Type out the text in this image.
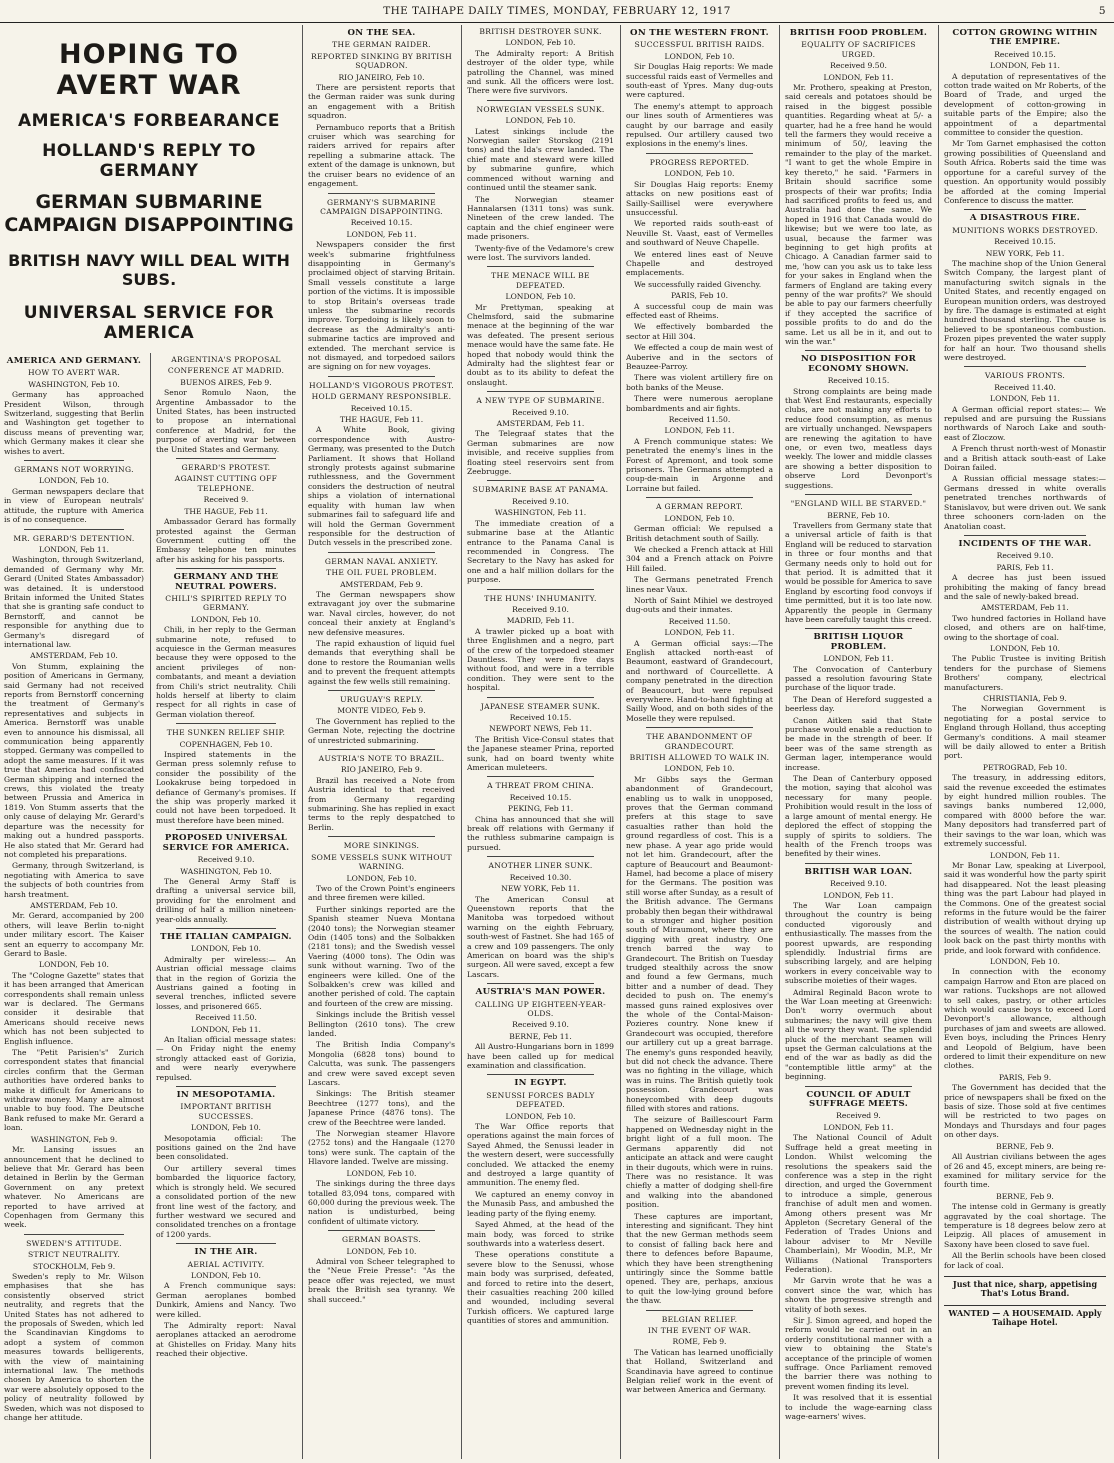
THE TAIHAPE DAILY TIMES, MONDAY, FEBRUARY 12, 1917	5
HOPING TO AVERT WAR
AMERICA'S FORBEARANCE
HOLLAND'S REPLY TO GERMANY
GERMAN SUBMARINE CAMPAIGN DISAPPOINTING
BRITISH NAVY WILL DEAL WITH SUBS.
UNIVERSAL SERVICE FOR AMERICA
AMERICA AND GERMANY.
HOW TO AVERT WAR.
WASHINGTON, Feb 10.

Germany has approached President Wilson, through Switzerland, suggesting that Berlin and Washington get together to discuss means of preventing war, which Germany makes it clear she wishes to avert.

GERMANS NOT WORRYING.
LONDON, Feb 10.

German newspapers declare that in view of European neutrals' attitude, the rupture with America is of no consequence.

MR. GERARD'S DETENTION.
LONDON, Feb 11.

Washington, through Switzerland, demanded of Germany why Mr. Gerard (United States Ambassador) was detained. It is understood Britain informed the United States that she is granting safe conduct to Bernstorff, and cannot be responsible for anything due to Germany's disregard of international law.

AMSTERDAM, Feb 10.

Von Stumm, explaining the position of Americans in Germany, said Germany had not received reports from Bernstorff concerning the treatment of Germany's representatives and subjects in America. Bernstorff was unable even to announce his dismissal, all communication being apparently stopped. Germany was compelled to adopt the same measures. If it was true that America had confiscated German shipping and interned the crews, this violated the treaty between Prussia and America in 1819. Von Stumm asserts that the only cause of delaying Mr. Gerard's departure was the necessity for making out a hundred passports. He also stated that Mr. Gerard had not completed his preparations.

Germany, through Switzerland, is negotiating with America to save the subjects of both countries from harsh treatment.

AMSTERDAM, Feb 10.

Mr. Gerard, accompanied by 200 others, will leave Berlin to-night under military escort. The Kaiser sent an equerry to accompany Mr. Gerard to Basle.

LONDON, Feb 10.

The "Cologne Gazette" states that it has been arranged that American correspondents shall remain unless war is declared. The Germans consider it desirable that Americans should receive news which has not been subjected to English influence.

The "Petit Parisien's" Zurich correspondent states that financial circles confirm that the German authorities have ordered banks to make it difficult for Americans to withdraw money. Many are almost unable to buy food. The Deutsche Bank refused to make Mr. Gerard a loan.

WASHINGTON, Feb 9.

Mr. Lansing issues an announcement that he declined to believe that Mr. Gerard has been detained in Berlin by the German Government on any pretext whatever. No Americans are reported to have arrived at Copenhagen from Germany this week.

SWEDEN'S ATTITUDE.
STRICT NEUTRALITY.
STOCKHOLM, Feb 9.

Sweden's reply to Mr. Wilson emphasises that she has consistently observed strict neutrality, and regrets that the United States has not adhered to the proposals of Sweden, which led the Scandinavian Kingdoms to adopt a system of common measures towards belligerents, with the view of maintaining international law. The methods chosen by America to shorten the war were absolutely opposed to the policy of neutrality followed by Sweden, which was not disposed to change her attitude.

ARGENTINA'S PROPOSAL
CONFERENCE AT MADRID.
BUENOS AIRES, Feb 9.

Senor Romulo Naon, the Argentine Ambassador to the United States, has been instructed to propose an international conference at Madrid, for the purpose of averting war between the United States and Germany.

GERARD'S PROTEST.
AGAINST CUTTING OFF TELEPHONE.
Received 9.
THE HAGUE, Feb 11.

Ambassador Gerard has formally protested against the German Government cutting off the Embassy telephone ten minutes after his asking for his passports.

GERMANY AND THE NEUTRAL POWERS.
CHILI'S SPIRITED REPLY TO GERMANY.
LONDON, Feb 10.

Chili, in her reply to the German submarine note, refused to acquiesce in the German measures because they were opposed to the ancient privileges of non-combatants, and meant a deviation from Chili's strict neutrality. Chili holds herself at liberty to claim respect for all rights in case of German violation thereof.

THE SUNKEN RELIEF SHIP.
COPENHAGEN, Feb 10.

Inspired statements in the German press solemnly refuse to consider the possibility of the Lookakruse being torpedoed in defiance of Germany's promises. If the ship was properly marked it could not have been torpedoed. It must therefore have been mined.

PROPOSED UNIVERSAL SERVICE FOR AMERICA.
Received 9.10.
WASHINGTON, Feb 10.

The General Army Staff is drafting a universal service bill, providing for the enrolment and drilling of half a million nineteen-year-olds annually.

THE ITALIAN CAMPAIGN.
LONDON, Feb 10.

Admiralty per wireless:— An Austrian official message claims that in the region of Gorizia the Austrians gained a footing in several trenches, inflicted severe losses, and prisonered 665.

Received 11.50.
LONDON, Feb 11.

An Italian official message states:— On Friday night the enemy strongly attacked east of Gorizia, and were nearly everywhere repulsed.

IN MESOPOTAMIA.
IMPORTANT BRITISH SUCCESSES.
LONDON, Feb 10.

Mesopotamia official: The positions gained on the 2nd have been consolidated.

Our artillery several times bombarded the liquorice factory, which is strongly held. We secured a consolidated portion of the new front line west of the factory, and further westward we secured and consolidated trenches on a frontage of 1200 yards.

IN THE AIR.
AERIAL ACTIVITY.
LONDON, Feb 10.

A French communique says: German aeroplanes bombed Dunkirk, Amiens and Nancy. Two were killed.

The Admiralty report: Naval aeroplanes attacked an aerodrome at Ghistelles on Friday. Many hits reached their objective.

ON THE SEA.
THE GERMAN RAIDER.
REPORTED SINKING BY BRITISH SQUADRON.
RIO JANEIRO, Feb 10.

There are persistent reports that the German raider was sunk during an engagement with a British squadron.

Pernambuco reports that a British cruiser which was searching for raiders arrived for repairs after repelling a submarine attack. The extent of the damage is unknown, but the cruiser bears no evidence of an engagement.

GERMANY'S SUBMARINE CAMPAIGN DISAPPOINTING.
Received 10.15.
LONDON, Feb 11.

Newspapers consider the first week's submarine frightfulness disappointing in Germany's proclaimed object of starving Britain. Small vessels constitute a large portion of the victims. It is impossible to stop Britain's overseas trade unless the submarine records improve. Torpedoing is likely soon to decrease as the Admiralty's anti-submarine tactics are improved and extended. The merchant service is not dismayed, and torpedoed sailors are signing on for new voyages.

HOLLAND'S VIGOROUS PROTEST.
HOLD GERMANY RESPONSIBLE.
Received 10.15.
THE HAGUE, Feb 11.

A White Book, giving correspondence with Austro-Germany, was presented to the Dutch Parliament. It shows that Holland strongly protests against submarine ruthlessness, and the Government considers the destruction of neutral ships a violation of international equality with human law when submarines fail to safeguard life and will hold the German Government responsible for the destruction of Dutch vessels in the prescribed zone.

GERMAN NAVAL ANXIETY.
THE OIL FUEL PROBLEM.
AMSTERDAM, Feb 9.

The German newspapers show extravagant joy over the submarine war. Naval circles, however, do not conceal their anxiety at England's new defensive measures.

The rapid exhaustion of liquid fuel demands that everything shall be done to restore the Roumanian wells and to prevent the frequent attempts against the few wells still remaining.

URUGUAY'S REPLY.
MONTE VIDEO, Feb 9.

The Government has replied to the German Note, rejecting the doctrine of unrestricted submarining.

AUSTRIA'S NOTE TO BRAZIL.
RIO JANEIRO, Feb 9.

Brazil has received a Note from Austria identical to that received from Germany regarding submarining. She has replied in exact terms to the reply despatched to Berlin.

MORE SINKINGS.
SOME VESSELS SUNK WITHOUT WARNING.
LONDON, Feb 10.

Two of the Crown Point's engineers and three firemen were killed.

Further sinkings reported are the Spanish steamer Nueva Montana (2040 tons); the Norwegian steamer Odin (1405 tons) and the Solbakken (2181 tons); and the Swedish vessel Vaering (4000 tons). The Odin was sunk without warning. Two of the engineers were killed. One of the Solbakken's crew was killed and another perished of cold. The captain and fourteen of the crew are missing.

Sinkings include the British vessel Bellington (2610 tons). The crew landed.

The British India Company's Mongolia (6828 tons) bound to Calcutta, was sunk. The passengers and crew were saved except seven Lascars.

Sinkings: The British steamer Beechtree (1277 tons), and the Japanese Prince (4876 tons). The crew of the Beechtree were landed.

The Norwegian steamer Hlavore (2752 tons) and the Hangaale (1270 tons) were sunk. The captain of the Hlavore landed. Twelve are missing.

LONDON, Feb 10.

The sinkings during the three days totalled 83,094 tons, compared with 60,000 during the previous week. The nation is undisturbed, being confident of ultimate victory.

GERMAN BOASTS.
LONDON, Feb 10.

Admiral von Scheer telegraphed to the "Neue Freie Presse": "As the peace offer was rejected, we must break the British sea tyranny. We shall succeed."

BRITISH DESTROYER SUNK.
LONDON, Feb 10.

The Admiralty report: A British destroyer of the older type, while patrolling the Channel, was mined and sunk. All the officers were lost. There were five survivors.

NORWEGIAN VESSELS SUNK.
LONDON, Feb 10.

Latest sinkings include the Norwegian sailer Storskog (2191 tons) and the Ida's crew landed. The chief mate and steward were killed by submarine gunfire, which commenced without warning and continued until the steamer sank.

The Norwegian steamer Hannalarsen (1311 tons) was sunk. Nineteen of the crew landed. The captain and the chief engineer were made prisoners.

Twenty-five of the Vedamore's crew were lost. The survivors landed.

THE MENACE WILL BE DEFEATED.
LONDON, Feb 10.

Mr Prettyman, speaking at Chelmsford, said the submarine menace at the beginning of the war was defeated. The present serious menace would have the same fate. He hoped that nobody would think the Admiralty had the slightest fear or doubt as to its ability to defeat the onslaught.

A NEW TYPE OF SUBMARINE.
Received 9.10.
AMSTERDAM, Feb 11.

The Telegraaf states that the German submarines are now invisible, and receive supplies from floating steel reservoirs sent from Zeebrugge.

SUBMARINE BASE AT PANAMA.
Received 9.10.
WASHINGTON, Feb 11.

The immediate creation of a submarine base at the Atlantic entrance to the Panama Canal is recommended in Congress. The Secretary to the Navy has asked for one and a half million dollars for the purpose.

THE HUNS' INHUMANITY.
Received 9.10.
MADRID, Feb 11.

A trawler picked up a boat with three Englishmen and a negro, part of the crew of the torpedoed steamer Dauntless. They were five days without food, and were in a terrible condition. They were sent to the hospital.

JAPANESE STEAMER SUNK.
Received 10.15.
NEWPORT NEWS, Feb 11.

The British Vice-Consul states that the Japanese steamer Prina, reported sunk, had on board twenty white American muleteers.

A THREAT FROM CHINA.
Received 10.15.
PEKING, Feb 11.

China has announced that she will break off relations with Germany if the ruthless submarine campaign is pursued.

ANOTHER LINER SUNK.
Received 10.30.
NEW YORK, Feb 11.

The American Consul at Queenstown reports that the Manitoba was torpedoed without warning on the eighth February, south-west of Fastnet. She had 165 of a crew and 109 passengers. The only American on board was the ship's surgeon. All were saved, except a few Lascars.

AUSTRIA'S MAN POWER.
CALLING UP EIGHTEEN-YEAR-OLDS.
Received 9.10.
BERNE, Feb 11.

All Austro-Hungarians born in 1899 have been called up for medical examination and classification.

IN EGYPT.
SENUSSI FORCES BADLY DEFEATED.
LONDON, Feb 10.

The War Office reports that operations against the main forces of Sayed Ahmed, the Senussi leader in the western desert, were successfully concluded. We attacked the enemy and destroyed a large quantity of ammunition. The enemy fled.

We captured an enemy convoy in the Munasib Pass, and ambushed the leading party of the flying enemy.

Sayed Ahmed, at the head of the main body, was forced to strike southwards into a waterless desert.

These operations constitute a severe blow to the Senussi, whose main body was surprised, defeated, and forced to retire into the desert, their casualties reaching 200 killed and wounded, including several Turkish officers. We captured large quantities of stores and ammunition.

ON THE WESTERN FRONT.
SUCCESSFUL BRITISH RAIDS.
LONDON, Feb 10.

Sir Douglas Haig reports: We made successful raids east of Vermelles and south-east of Ypres. Many dug-outs were captured.

The enemy's attempt to approach our lines south of Armentieres was caught by our barrage and easily repulsed. Our artillery caused two explosions in the enemy's lines.

PROGRESS REPORTED.
LONDON, Feb 10.

Sir Douglas Haig reports: Enemy attacks on new positions east of Sailly-Saillisel were everywhere unsuccessful.

We reported raids south-east of Neuville St. Vaast, east of Vermelles and southward of Neuve Chapelle.

We entered lines east of Neuve Chapelle and destroyed emplacements.

We successfully raided Givenchy.

PARIS, Feb 10.

A successful coup de main was effected east of Rheims.

We effectively bombarded the sector at Hill 304.

We effected a coup de main west of Auberive and in the sectors of Beauzee-Parroy.

There was violent artillery fire on both banks of the Meuse.

There were numerous aeroplane bombardments and air fights.

Received 11.50.
LONDON, Feb 11.

A French communique states: We penetrated the enemy's lines in the Forest of Apremont, and took some prisoners. The Germans attempted a coup-de-main in Argonne and Lorraine but failed.

A GERMAN REPORT.
LONDON, Feb 10.

German official: We repulsed a British detachment south of Sailly.

We checked a French attack at Hill 304 and a French attack on Poivre Hill failed.

The Germans penetrated French lines near Vaux.

North of Saint Mihiel we destroyed dug-outs and their inmates.

Received 11.50.
LONDON, Feb 11.

A German official says:—The English attacked north-east of Beaumont, eastward of Grandecourt, and northward of Courcellette. A company penetrated in the direction of Beaucourt, but were repulsed everywhere. Hand-to-hand fighting at Sailly Wood, and on both sides of the Moselle they were repulsed.

THE ABANDONMENT OF GRANDECOURT.
BRITISH ALLOWED TO WALK IN.
LONDON, Feb 10.

Mr Gibbs says the German abandonment of Grandecourt, enabling us to walk in unopposed, proves that the German command prefers at this stage to save casualties rather than hold the ground regardless of cost. This is a new phase. A year ago pride would not let him. Grandecourt, after the capture of Beaucourt and Beaumont-Hamel, had become a place of misery for the Germans. The position was still worse after Sunday, as a result of the British advance. The Germans probably then began their withdrawal to a stronger and higher position south of Miraumont, where they are digging with great industry. One trench barred the way to Grandecourt. The British on Tuesday trudged stealthily across the snow and found a few Germans, much bitter and a number of dead. They decided to push on. The enemy's massed guns rained explosives over the whole of the Contal-Maison-Pozieres country. None knew if Grandecourt was occupied, therefore our artillery cut up a great barrage. The enemy's guns responded heavily, but did not check the advance. There was no fighting in the village, which was in ruins. The British quietly took possession. Grandecourt was honeycombed with deep dugouts filled with stores and rations.

The seizure of Baillescourt Farm happened on Wednesday night in the bright light of a full moon. The Germans apparently did not anticipate an attack and were caught in their dugouts, which were in ruins. There was no resistance. It was chiefly a matter of dodging shell-fire and walking into the abandoned position.

These captures are important, interesting and significant. They hint that the new German methods seem to consist of falling back here and there to defences before Bapaume, which they have been strengthening untiringly since the Somme battle opened. They are, perhaps, anxious to quit the low-lying ground before the thaw.

BELGIAN RELIEF.
IN THE EVENT OF WAR.
ROME, Feb 9.

The Vatican has learned unofficially that Holland, Switzerland and Scandinavia have agreed to continue Belgian relief work in the event of war between America and Germany.

BRITISH FOOD PROBLEM.
EQUALITY OF SACRIFICES URGED.
Received 9.50.
LONDON, Feb 11.

Mr. Prothero, speaking at Preston, said cereals and potatoes should be raised in the biggest possible quantities. Regarding wheat at 5/- a quarter, had he a free hand he would tell the farmers they would receive a minimum of 50/, leaving the remainder to the play of the market. "I want to get the whole Empire in key thereto," he said. "Farmers in Britain should sacrifice some prospects of their war profits; India had sacrificed profits to feed us, and Australia had done the same. We hoped in 1916 that Canada would do likewise; but we were too late, as usual, because the farmer was beginning to get high profits at Chicago. A Canadian farmer said to me, 'how can you ask us to take less for your sakes in England when the farmers of England are taking every penny of the war profits?' We should be able to pay our farmers cheerfully if they accepted the sacrifice of possible profits to do and do the same. Let us all be in it, and out to win the war."

NO DISPOSITION FOR ECONOMY SHOWN.
Received 10.15.

Strong complaints are being made that West End restaurants, especially clubs, are not making any efforts to reduce food consumption, as menus are virtually unchanged. Newspapers are renewing the agitation to have one, or even two, meatless days weekly. The lower and middle classes are showing a better disposition to observe Lord Devonport's suggestions.

"ENGLAND WILL BE STARVED."
BERNE, Feb 10.

Travellers from Germany state that a universal article of faith is that England will be reduced to starvation in three or four months and that Germany needs only to hold out for that period. It is admitted that it would be possible for America to save England by escorting food convoys if time permitted, but it is too late now. Apparently the people in Germany have been carefully taught this creed.

BRITISH LIQUOR PROBLEM.
LONDON, Feb 11.

The Convocation of Canterbury passed a resolution favouring State purchase of the liquor trade.

The Dean of Hereford suggested a beerless day.

Canon Aitken said that State purchase would enable a reduction to be made in the strength of beer. If beer was of the same strength as German lager, intemperance would increase.

The Dean of Canterbury opposed the motion, saying that alcohol was necessary for many people. Prohibition would result in the loss of a large amount of mental energy. He deplored the effect of stopping the supply of spirits to soldiers. The health of the French troops was benefited by their wines.

BRITISH WAR LOAN.
Received 9.10.
LONDON, Feb 11.

The War Loan campaign throughout the country is being conducted vigorously and enthusiastically. The masses from the poorest upwards, are responding splendidly. Industrial firms are subscribing largely, and are helping workers in every conceivable way to subscribe moieties of their wages.

Admiral Reginald Bacon wrote to the War Loan meeting at Greenwich: Don't worry overmuch about submarines; the navy will give them all the worry they want. The splendid pluck of the merchant seamen will upset the German calculations at the end of the war as badly as did the "contemptible little army" at the beginning.

COUNCIL OF ADULT SUFFRAGE MEETS.
Received 9.
LONDON, Feb 11.

The National Council of Adult Suffrage held a great meeting in London. Whilst welcoming the resolutions the speakers said the conference was a step in the right direction, and urged the Government to introduce a simple, generous franchise of adult men and women. Among others present was Mr Appleton (Secretary General of the Federation of Trades Unions and labour adviser to Mr Neville Chamberlain), Mr Woodin, M.P., Mr Williams (National Transporters Federation).

Mr Garvin wrote that he was a convert since the war, which has shown the progressive strength and vitality of both sexes.

Sir J. Simon agreed, and hoped the reform would be carried out in an orderly constitutional manner with a view to obtaining the State's acceptance of the principle of women suffrage. Once Parliament removed the barrier there was nothing to prevent women finding its level.

It was resolved that it is essential to include the wage-earning class wage-earners' wives.

COTTON GROWING WITHIN THE EMPIRE.
Received 10.15.
LONDON, Feb 11.

A deputation of representatives of the cotton trade waited on Mr Roberts, of the Board of Trade, and urged the development of cotton-growing in suitable parts of the Empire; also the appointment of a departmental committee to consider the question.

Mr Tom Garnet emphasised the cotton growing possibilities of Queensland and South Africa. Roberts said the time was opportune for a careful survey of the question. An opportunity would possibly be afforded at the coming Imperial Conference to discuss the matter.

A DISASTROUS FIRE.
MUNITIONS WORKS DESTROYED.
Received 10.15.
NEW YORK, Feb 11.

The machine shop of the Union General Switch Company, the largest plant of manufacturing switch signals in the United States, and recently engaged on European munition orders, was destroyed by fire. The damage is estimated at eight hundred thousand sterling. The cause is believed to be spontaneous combustion. Frozen pipes prevented the water supply for half an hour. Two thousand shells were destroyed.

VARIOUS FRONTS.
Received 11.40.
LONDON, Feb 11.

A German official report states:— We repulsed and are pursuing the Russians northwards of Naroch Lake and south-east of Zloczow.

A French thrust north-west of Monastir and a British attack south-east of Lake Doiran failed.

A Russian official message states:— Germans dressed in white overalls penetrated trenches northwards of Stanislavov, but were driven out. We sank three schooners corn-laden on the Anatolian coast.

INCIDENTS OF THE WAR.
Received 9.10.
PARIS, Feb 11.

A decree has just been issued prohibiting the making of fancy bread and the sale of newly-baked bread.

AMSTERDAM, Feb 11.

Two hundred factories in Holland have closed, and others are on half-time, owing to the shortage of coal.

LONDON, Feb 10.

The Public Trustee is inviting British tenders for the purchase of Siemens Brothers' company, electrical manufacturers.

CHRISTIANIA, Feb 9.

The Norwegian Government is negotiating for a postal service to England through Holland, thus accepting Germany's conditions. A mail steamer will be daily allowed to enter a British port.

PETROGRAD, Feb 10.

The treasury, in addressing editors, said the revenue exceeded the estimates by eight hundred million roubles. The savings banks numbered 12,000, compared with 8000 before the war. Many depositors had transferred part of their savings to the war loan, which was extremely successful.

LONDON, Feb 11.

Mr Bonar Law, speaking at Liverpool, said it was wonderful how the party spirit had disappeared. Not the least pleasing thing was the part Labour had played in the Commons. One of the greatest social reforms in the future would be the fairer distribution of wealth without drying up the sources of wealth. The nation could look back on the past thirty months with pride, and look forward with confidence.

LONDON, Feb 10.

In connection with the economy campaign Harrow and Eton are placed on war rations. Tuckshops are not allowed to sell cakes, pastry, or other articles which would cause boys to exceed Lord Devonport's allowance, although purchases of jam and sweets are allowed. Even boys, including the Princes Henry and Leopold of Belgium, have been ordered to limit their expenditure on new clothes.

PARIS, Feb 9.

The Government has decided that the price of newspapers shall be fixed on the basis of size. Those sold at five centimes will be restricted to two pages on Mondays and Thursdays and four pages on other days.

BERNE, Feb 9.

All Austrian civilians between the ages of 26 and 45, except miners, are being re-examined for military service for the fourth time.

BERNE, Feb 9.

The intense cold in Germany is greatly aggravated by the coal shortage. The temperature is 18 degrees below zero at Leipzig. All places of amusement in Saxony have been closed to save fuel.

All the Berlin schools have been closed for lack of coal.

Just that nice, sharp, appetising That's Lotus Brand.
WANTED — A HOUSEMAID. Apply Taihape Hotel.
